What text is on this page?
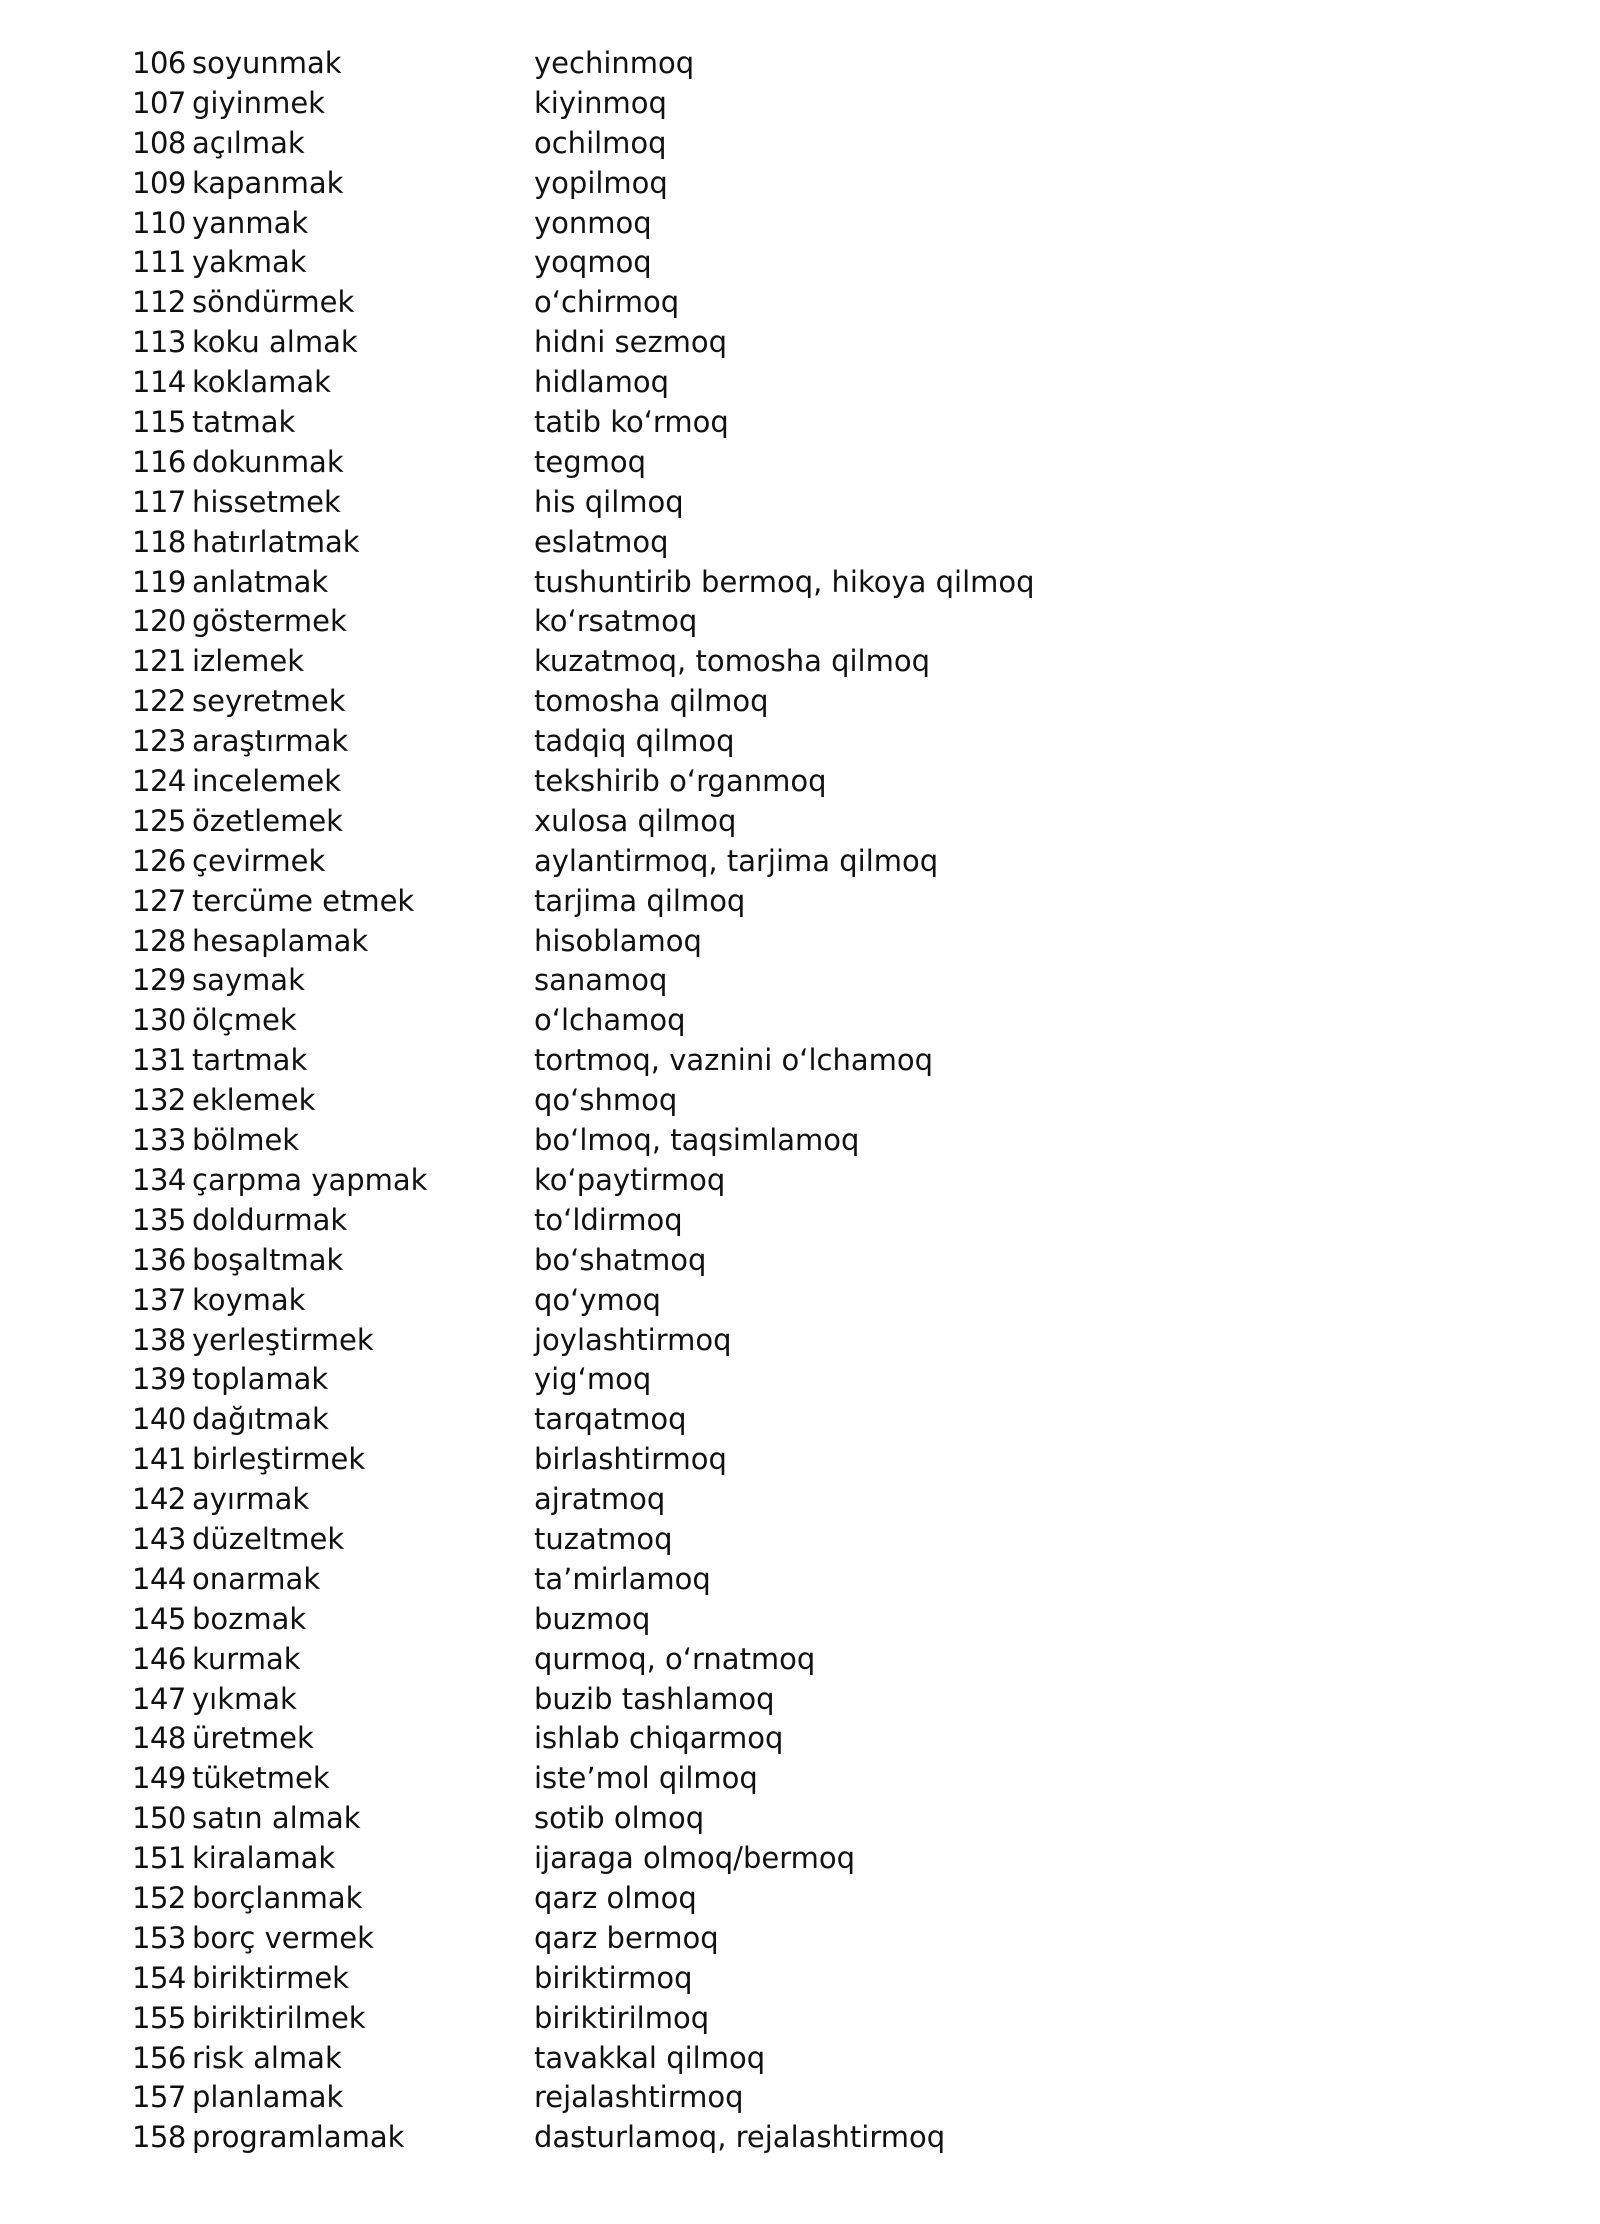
106 soyunmak	yechinmoq
107 giyinmek	kiyinmoq
108 açılmak	ochilmoq
109 kapanmak	yopilmoq
110 yanmak	yonmoq
111 yakmak	yoqmoq
112 söndürmek	o‘chirmoq
113 koku almak	hidni sezmoq
114 koklamak	hidlamoq
115 tatmak	tatib ko‘rmoq
116 dokunmak	tegmoq
117 hissetmek	his qilmoq
118 hatırlatmak	eslatmoq
119 anlatmak	tushuntirib bermoq, hikoya qilmoq
120 göstermek	ko‘rsatmoq
121 izlemek	kuzatmoq, tomosha qilmoq
122 seyretmek	tomosha qilmoq
123 araştırmak	tadqiq qilmoq
124 incelemek	tekshirib o‘rganmoq
125 özetlemek	xulosa qilmoq
126 çevirmek	aylantirmoq, tarjima qilmoq
127 tercüme etmek	tarjima qilmoq
128 hesaplamak	hisoblamoq
129 saymak	sanamoq
130 ölçmek	o‘lchamoq
131 tartmak	tortmoq, vaznini o‘lchamoq
132 eklemek	qo‘shmoq
133 bölmek	bo‘lmoq, taqsimlamoq
134 çarpma yapmak	ko‘paytirmoq
135 doldurmak	to‘ldirmoq
136 boşaltmak	bo‘shatmoq
137 koymak	qo‘ymoq
138 yerleştirmek	joylashtirmoq
139 toplamak	yig‘moq
140 dağıtmak	tarqatmoq
141 birleştirmek	birlashtirmoq
142 ayırmak	ajratmoq
143 düzeltmek	tuzatmoq
144 onarmak	ta’mirlamoq
145 bozmak	buzmoq
146 kurmak	qurmoq, o‘rnatmoq
147 yıkmak	buzib tashlamoq
148 üretmek	ishlab chiqarmoq
149 tüketmek	iste’mol qilmoq
150 satın almak	sotib olmoq
151 kiralamak	ijaraga olmoq/bermoq
152 borçlanmak	qarz olmoq
153 borç vermek	qarz bermoq
154 biriktirmek	biriktirmoq
155 biriktirilmek	biriktirilmoq
156 risk almak	tavakkal qilmoq
157 planlamak	rejalashtirmoq
158 programlamak	dasturlamoq, rejalashtirmoq
